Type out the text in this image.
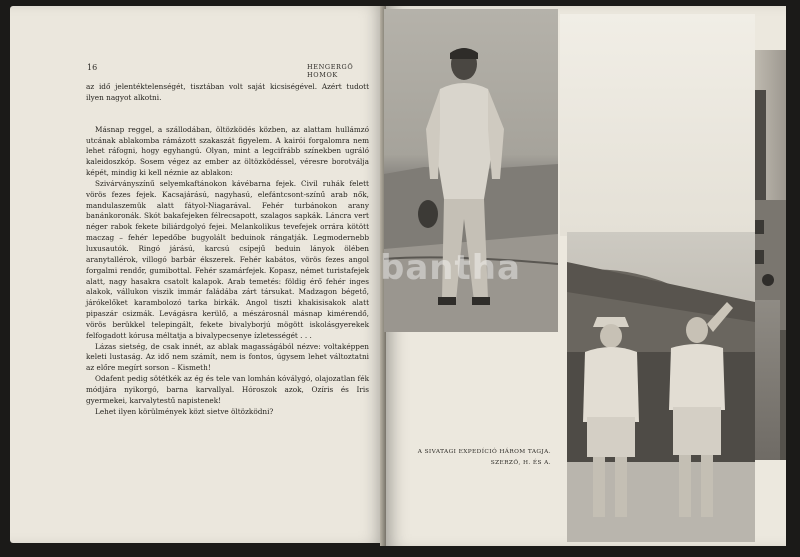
16	HENGERGŐ HOMOK

az idő jelentéktelenségét, tisztában volt saját kicsiségével. Azért tudott ilyen nagyot alkotni.

Másnap reggel, a szállodában, öltözködés közben, az alattam hullámzó utcának ablakomba rámázott szakaszát figyelem. A kairói forgalomra nem lehet ráfogni, hogy egyhangú. Olyan, mint a legcifrább színekben ugráló kaleidoszkóp. Sosem végez az ember az öltözködéssel, véresre borotválja képét, mindig ki kell néznie az ablakon:

Szivárványszínű selyemkaftánokon kávébarna fejek. Civil ruhák felett vörös fezes fejek. Kacsajárású, nagyhasú, elefántcsont-színű arab nők, mandulaszemük alatt fátyol-Niagarával. Fehér turbánokon arany banánkoronák. Skót bakafejeken félrecsapott, szalagos sapkák. Láncra vert néger rabok fekete biliárdgolyó fejei. Melankolikus tevefejek orrára kötött maczag – fehér lepedőbe bugyolált beduinok rángatják. Legmodernebb luxusautók. Ringó járású, karcsú csípejű beduin lányok ölében aranytallérok, villogó barbár ékszerek. Fehér kabátos, vörös fezes angol forgalmi rendőr, gumibottal. Fehér szamárfejek. Kopasz, német turistafejek alatt, nagy hasakra csatolt kalapok. Arab temetés: földig érő fehér inges alakok, vállukon viszik immár faládába zárt társukat. Madzagon bégető, járókelőket karambolozó tarka birkák. Angol tiszti khakisisakok alatt pipaszár csizmák. Levágásra kerülő, a mészárosnál másnap kimérendő, vörös berükkel telepingált, fekete bivalyborjú mögött iskolásgyerekek felfogadott kórusa méltatja a bivalypecsenye ízletességét . . .

Lázas sietség, de csak innét, az ablak magasságából nézve: voltaképpen keleti lustaság. Az idő nem számít, nem is fontos, úgysem lehet változtatni az előre megírt sorson – Kismeth!

Odafent pedig sötétkék az ég és tele van lomhán kóválygó, olajozatlan fék módjára nyikorgó, barna karvallyal. Hóroszok azok, Ozíris és Iris gyermekei, karvalytestű napistenek!

Lehet ilyen körülmények közt sietve öltözködni?

A SIVATAGI EXPEDÍCIÓ HÁROM TAGJA.
SZERZŐ, H. ÉS A.
bantha
